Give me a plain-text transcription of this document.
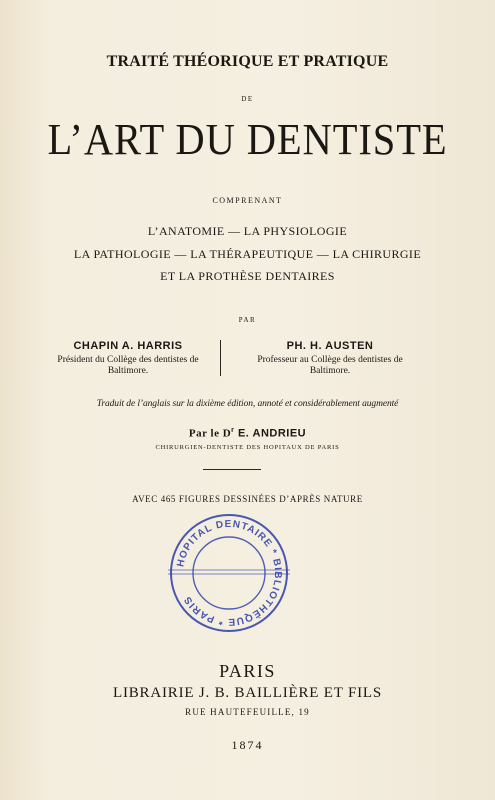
TRAITÉ THÉORIQUE ET PRATIQUE
DE
L’ART DU DENTISTE
COMPRENANT
L’ANATOMIE — LA PHYSIOLOGIE
LA PATHOLOGIE — LA THÉRAPEUTIQUE — LA CHIRURGIE
ET LA PROTHÈSE DENTAIRES
PAR
CHAPIN A. HARRIS
Président du Collège des dentistes de Baltimore.
PH. H. AUSTEN
Professeur au Collège des dentistes de Baltimore.
Traduit de l’anglais sur la dixième édition, annoté et considérablement augmenté
Par le $D^r$ E. ANDRIEU
CHIRURGIEN-DENTISTE DES HOPITAUX DE PARIS
AVEC 465 FIGURES DESSINÉES D’APRÈS NATURE
HOPITAL DENTAIRE * BIBLIOTHÈQUE * PARIS
PARIS
LIBRAIRIE J. B. BAILLIÈRE ET FILS
RUE HAUTEFEUILLE, 19
1874
